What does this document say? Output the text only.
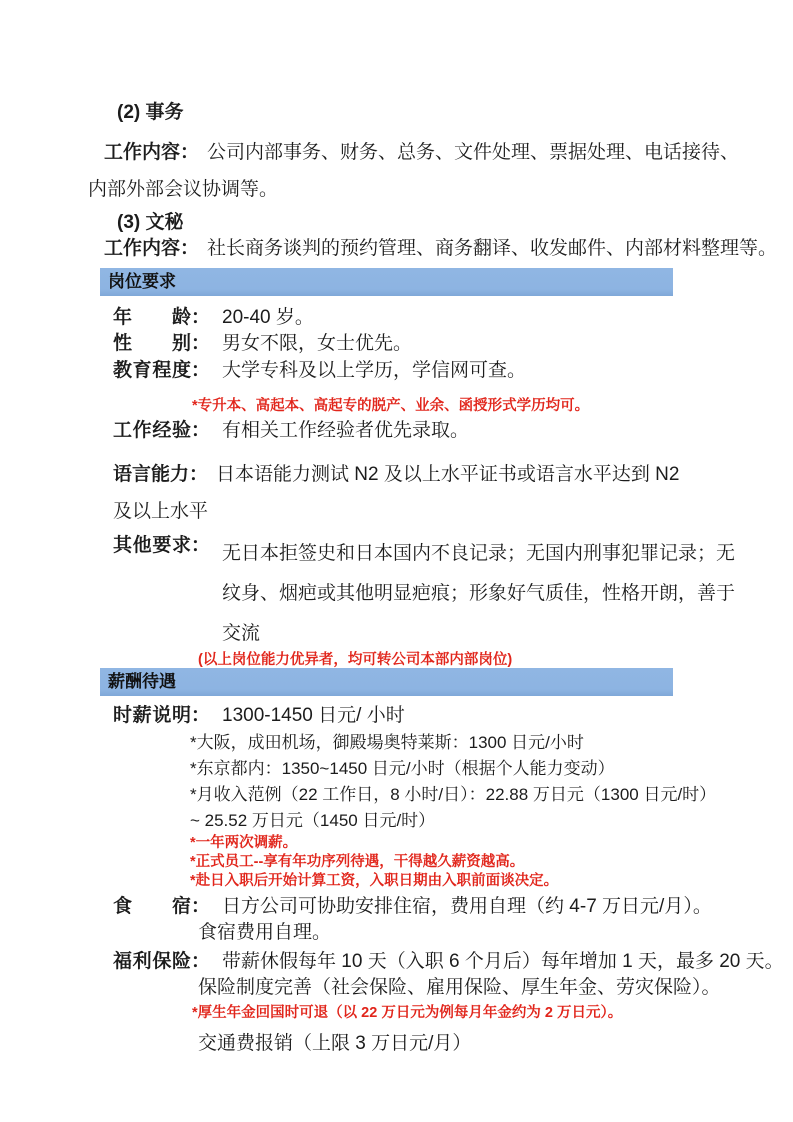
(2) 事务

工作内容： 公司内部事务、财务、总务、文件处理、票据处理、电话接待、内部外部会议协调等。

(3) 文秘

工作内容： 社长商务谈判的预约管理、商务翻译、收发邮件、内部材料整理等。

岗位要求
年龄 ： 20-40 岁。
性别 ： 男女不限，女士优先。
教育程度 ： 大学专科及以上学历，学信网可查。

*专升本、高起本、高起专的脱产、业余、函授形式学历均可。

工作经验 ： 有相关工作经验者优先录取。

语言能力： 日本语能力测试 N2 及以上水平证书或语言水平达到 N2 及以上水平

其他要求 ： 无日本拒签史和日本国内不良记录；无国内刑事犯罪记录；无纹身、烟疤或其他明显疤痕；形象好气质佳，性格开朗，善于交流

(以上岗位能力优异者，均可转公司本部内部岗位)

薪酬待遇
时薪说明 ： 1300-1450 日元/ 小时

*大阪，成田机场，御殿場奥特莱斯：1300 日元/小时

*东京都内：1350~1450 日元/小时（根据个人能力变动）

*月收入范例（22 工作日，8 小时/日）：22.88 万日元（1300 日元/时） ~ 25.52 万日元（1450 日元/时）

*一年两次调薪。

*正式员工--享有年功序列待遇，干得越久薪资越高。

*赴日入职后开始计算工资，入职日期由入职前面谈决定。

食宿 ： 日方公司可协助安排住宿，费用自理（约 4-7 万日元/月）。

食宿费用自理。

福利保险 ： 带薪休假每年 10 天（入职 6 个月后）每年增加 1 天，最多 20 天。

保险制度完善（社会保险、雇用保险、厚生年金、劳灾保险）。

*厚生年金回国时可退（以 22 万日元为例每月年金约为 2 万日元）。

交通费报销（上限 3 万日元/月）
